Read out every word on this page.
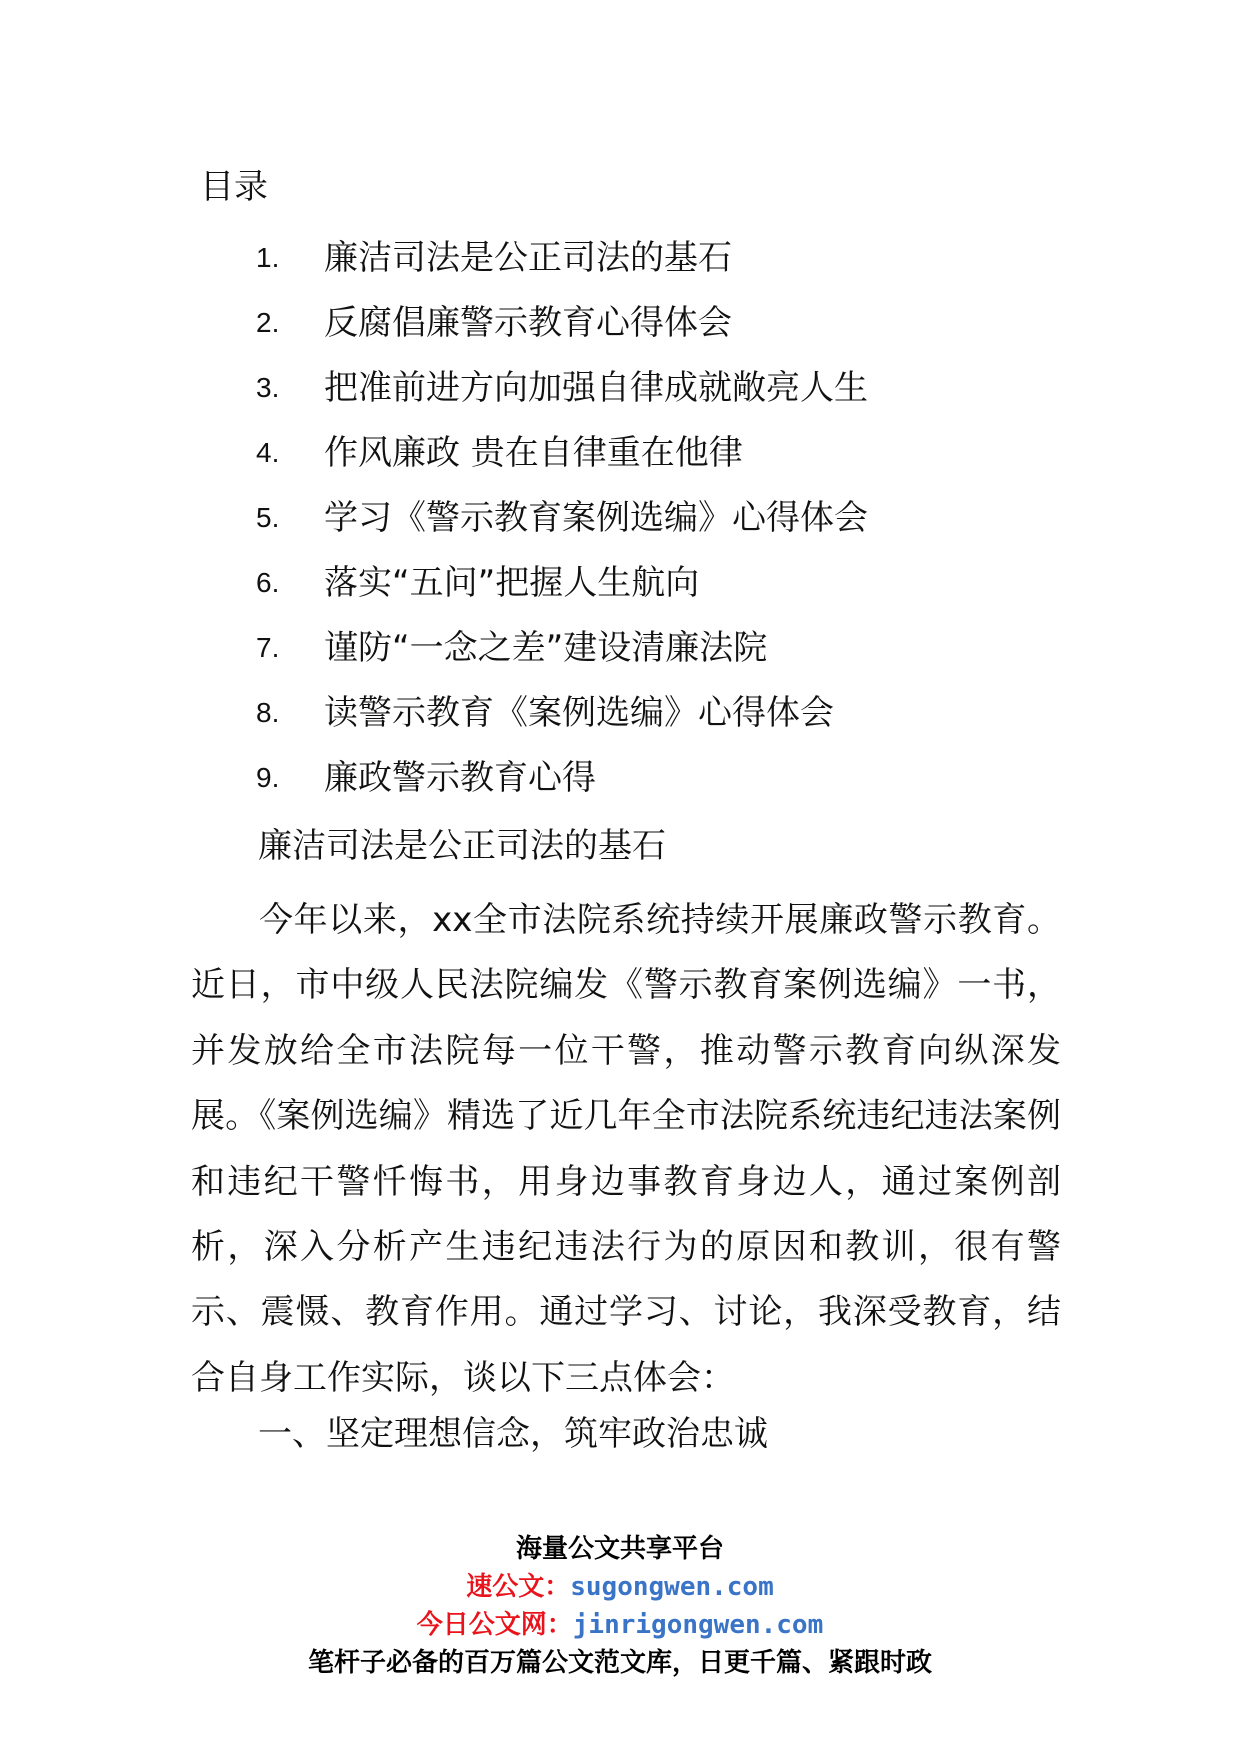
目录
1. 廉洁司法是公正司法的基石
2. 反腐倡廉警示教育心得体会
3. 把准前进方向加强自律成就敞亮人生
4. 作风廉政 贵在自律重在他律
5. 学习《警示教育案例选编》心得体会
6. 落实“五问”把握人生航向
7. 谨防“一念之差”建设清廉法院
8. 读警示教育《案例选编》心得体会
9. 廉政警示教育心得
廉洁司法是公正司法的基石

今年以来，xx全市法院系统持续开展廉政警示教育。近日，市中级人民法院编发《警示教育案例选编》一书，并发放给全市法院每一位干警，推动警示教育向纵深发展。《案例选编》精选了近几年全市法院系统违纪违法案例和违纪干警忏悔书，用身边事教育身边人，通过案例剖析，深入分析产生违纪违法行为的原因和教训，很有警示、震慑、教育作用。通过学习、讨论，我深受教育，结合自身工作实际，谈以下三点体会：

一、坚定理想信念，筑牢政治忠诚
海量公文共享平台
速公文：sugongwen.com
今日公文网：jinrigongwen.com
笔杆子必备的百万篇公文范文库，日更千篇、紧跟时政
